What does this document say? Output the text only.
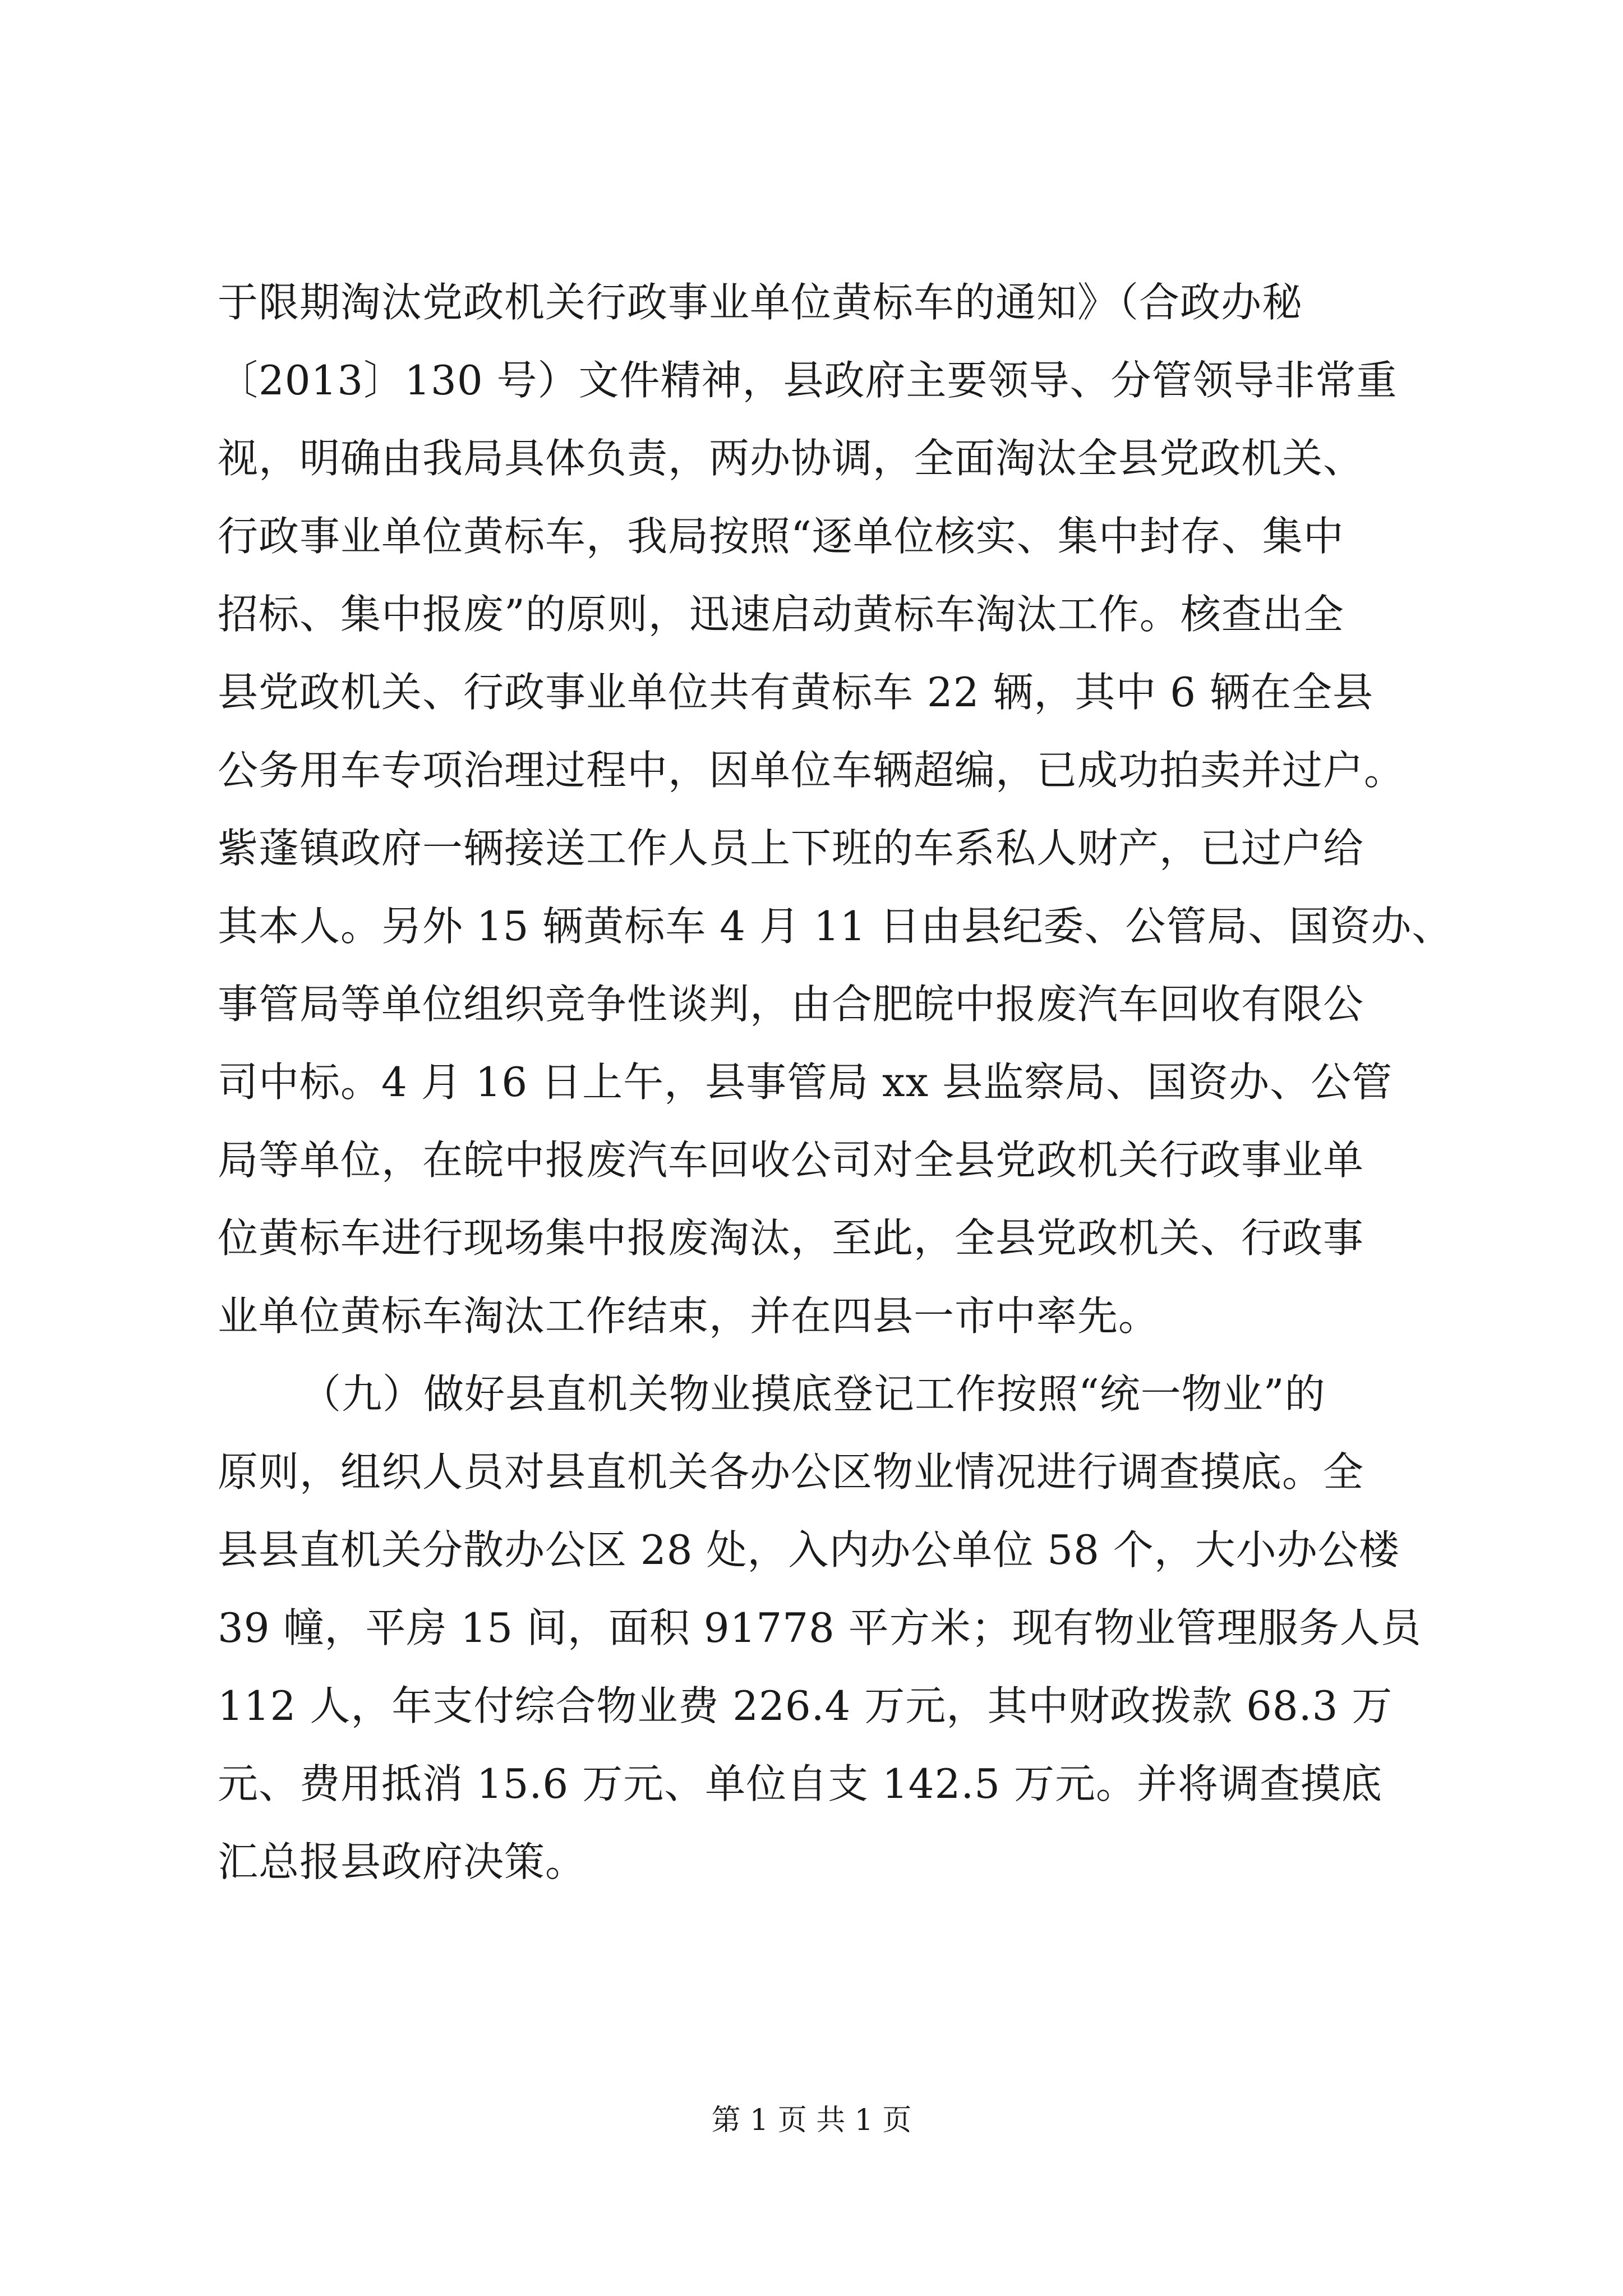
于限期淘汰党政机关行政事业单位黄标车的通知》（合政办秘
〔2013〕130 号）文件精神，县政府主要领导、分管领导非常重
视，明确由我局具体负责，两办协调，全面淘汰全县党政机关、
行政事业单位黄标车，我局按照“逐单位核实、集中封存、集中
招标、集中报废”的原则，迅速启动黄标车淘汰工作。核查出全
县党政机关、行政事业单位共有黄标车 22 辆，其中 6 辆在全县
公务用车专项治理过程中，因单位车辆超编，已成功拍卖并过户。
紫蓬镇政府一辆接送工作人员上下班的车系私人财产，已过户给
其本人。另外 15 辆黄标车 4 月 11 日由县纪委、公管局、国资办、
事管局等单位组织竞争性谈判，由合肥皖中报废汽车回收有限公
司中标。4 月 16 日上午，县事管局 xx 县监察局、国资办、公管
局等单位，在皖中报废汽车回收公司对全县党政机关行政事业单
位黄标车进行现场集中报废淘汰，至此，全县党政机关、行政事
业单位黄标车淘汰工作结束，并在四县一市中率先。
（九）做好县直机关物业摸底登记工作按照“统一物业”的
原则，组织人员对县直机关各办公区物业情况进行调查摸底。全
县县直机关分散办公区 28 处，入内办公单位 58 个，大小办公楼
39 幢，平房 15 间，面积 91778 平方米；现有物业管理服务人员
112 人，年支付综合物业费 226.4 万元，其中财政拨款 68.3 万
元、费用抵消 15.6 万元、单位自支 142.5 万元。并将调查摸底
汇总报县政府决策。
第 1 页 共 1 页
